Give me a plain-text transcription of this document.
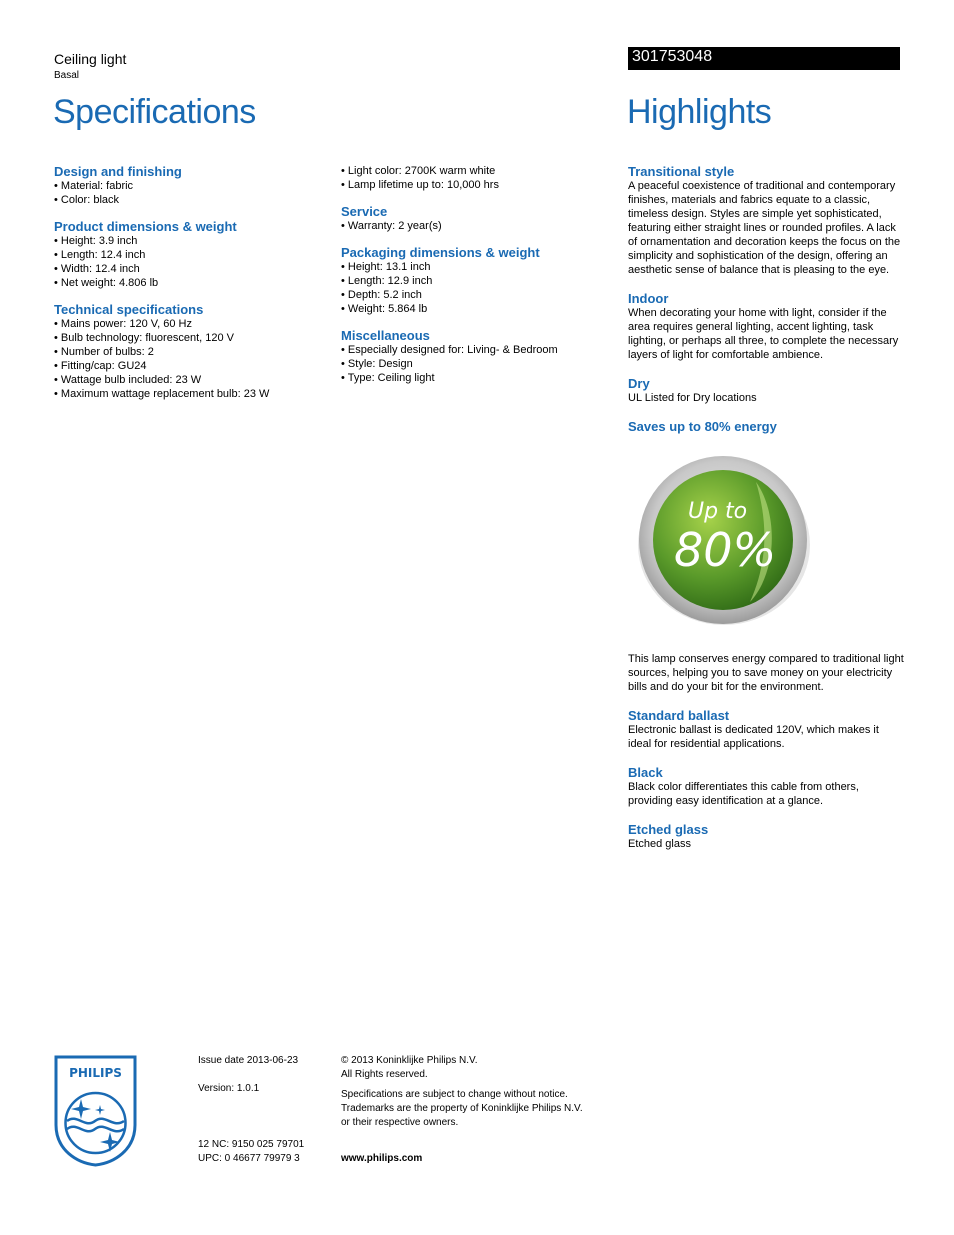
Ceiling light
Basal
301753048
Specifications	Highlights
Design and finishing
• Material: fabric
• Color: black
Product dimensions & weight
• Height: 3.9 inch
• Length: 12.4 inch
• Width: 12.4 inch
• Net weight: 4.806 lb
Technical specifications
• Mains power: 120 V, 60 Hz
• Bulb technology: fluorescent, 120 V
• Number of bulbs: 2
• Fitting/cap: GU24
• Wattage bulb included: 23 W
• Maximum wattage replacement bulb: 23 W
• Light color: 2700K warm white
• Lamp lifetime up to: 10,000 hrs
Service
• Warranty: 2 year(s)
Packaging dimensions & weight
• Height: 13.1 inch
• Length: 12.9 inch
• Depth: 5.2 inch
• Weight: 5.864 lb
Miscellaneous
• Especially designed for: Living- & Bedroom
• Style: Design
• Type: Ceiling light
Transitional style

A peaceful coexistence of traditional and contemporary finishes, materials and fabrics equate to a classic, timeless design. Styles are simple yet sophisticated, featuring either straight lines or rounded profiles. A lack of ornamentation and decoration keeps the focus on the simplicity and sophistication of the design, offering an aesthetic sense of balance that is pleasing to the eye.

Indoor

When decorating your home with light, consider if the area requires general lighting, accent lighting, task lighting, or perhaps all three, to complete the necessary layers of light for comfortable ambience.

Dry

UL Listed for Dry locations

Saves up to 80% energy
Up to
80%

This lamp conserves energy compared to traditional light sources, helping you to save money on your electricity bills and do your bit for the environment.

Standard ballast

Electronic ballast is dedicated 120V, which makes it ideal for residential applications.

Black

Black color differentiates this cable from others, providing easy identification at a glance.

Etched glass

Etched glass

PHILIPS
Issue date 2013-06-23
Version: 1.0.1
12 NC: 9150 025 79701
UPC: 0 46677 79979 3
© 2013 Koninklijke Philips N.V.
All Rights reserved.
Specifications are subject to change without notice.
Trademarks are the property of Koninklijke Philips N.V.
or their respective owners.
www.philips.com
